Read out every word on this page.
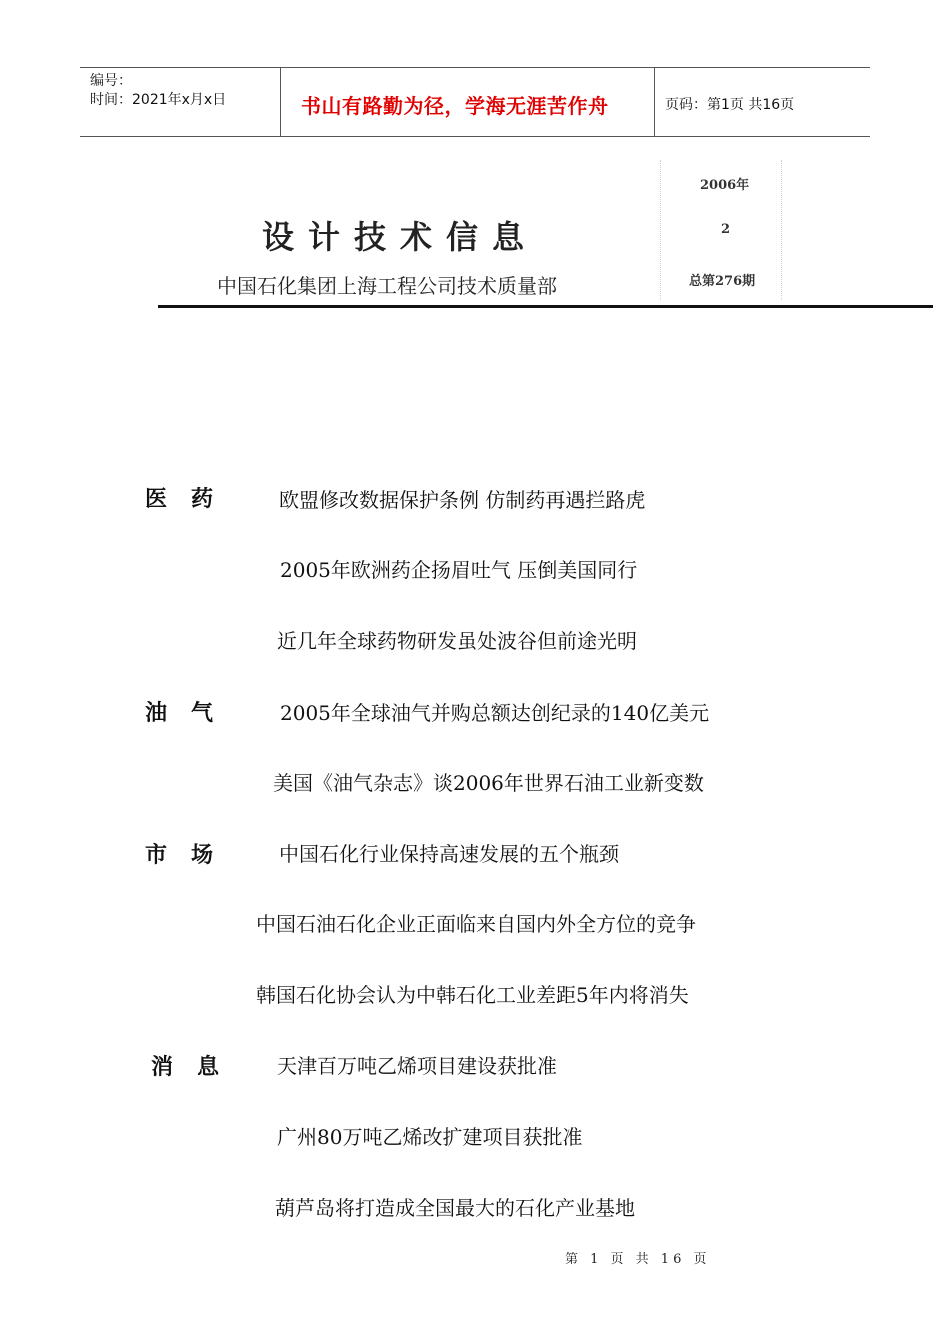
编号：
时间：2021年x月x日	书山有路勤为径，学海无涯苦作舟	页码：第1页 共16页
设计技术信息
中国石化集团上海工程公司技术质量部
2006年
2
总第276期
医药 欧盟修改数据保护条例 仿制药再遇拦路虎
2005年欧洲药企扬眉吐气 压倒美国同行
近几年全球药物研发虽处波谷但前途光明
油气 2005年全球油气并购总额达创纪录的140亿美元
美国《油气杂志》谈2006年世界石油工业新变数
市场 中国石化行业保持高速发展的五个瓶颈
中国石油石化企业正面临来自国内外全方位的竞争
韩国石化协会认为中韩石化工业差距5年内将消失
消息 天津百万吨乙烯项目建设获批准
广州80万吨乙烯改扩建项目获批准
葫芦岛将打造成全国最大的石化产业基地
第 1 页 共 16 页
